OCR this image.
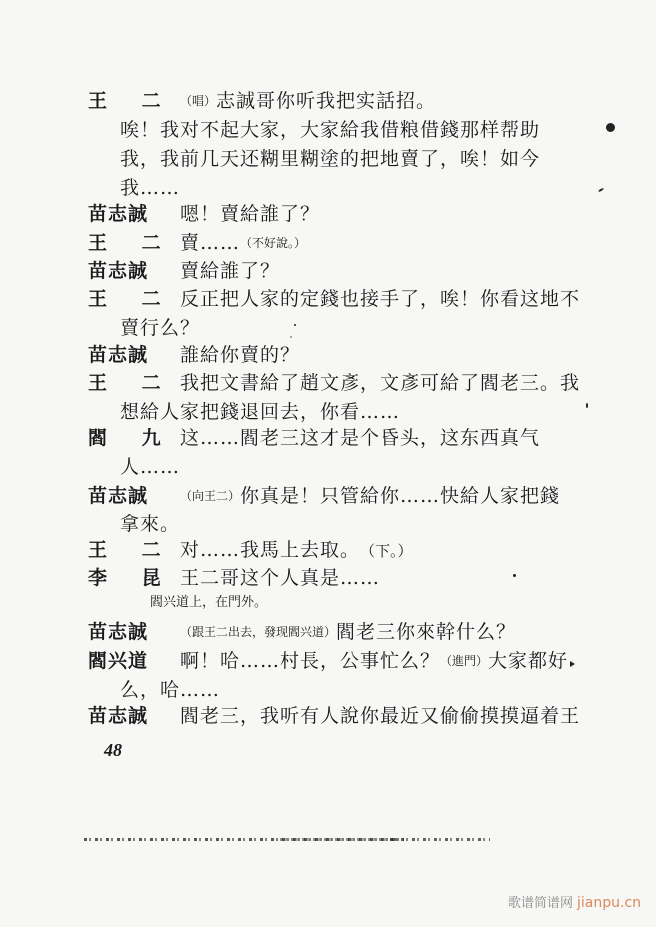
王 二 （唱）志誠哥你听我把实話招。
唉！我对不起大家，大家給我借粮借錢那样帮助
我，我前几天还糊里糊塗的把地賣了，唉！如今
我……
苗志誠 嗯！賣給誰了？
王 二 賣……（不好說。）
苗志誠 賣給誰了？
王 二 反正把人家的定錢也接手了，唉！你看这地不
賣行么？
苗志誠 誰給你賣的？
王 二 我把文書給了趙文彥，文彥可給了閻老三。我
想給人家把錢退回去，你看……
閻 九 这……閻老三这才是个昏头，这东西真气
人……
苗志誠	（向王二）你真是！只管給你……快給人家把錢
拿來。
王 二 对……我馬上去取。（下。）
李 昆 王二哥这个人真是……
閻兴道上，在門外。
苗志誠	（跟王二出去，發现閻兴道）閻老三你來幹什么？
閻兴道 啊！哈……村長，公事忙么？（進門）大家都好
么，哈……
苗志誠 閻老三，我听有人說你最近又偷偷摸摸逼着王
48
歌谱简谱网 jianpu.cn
